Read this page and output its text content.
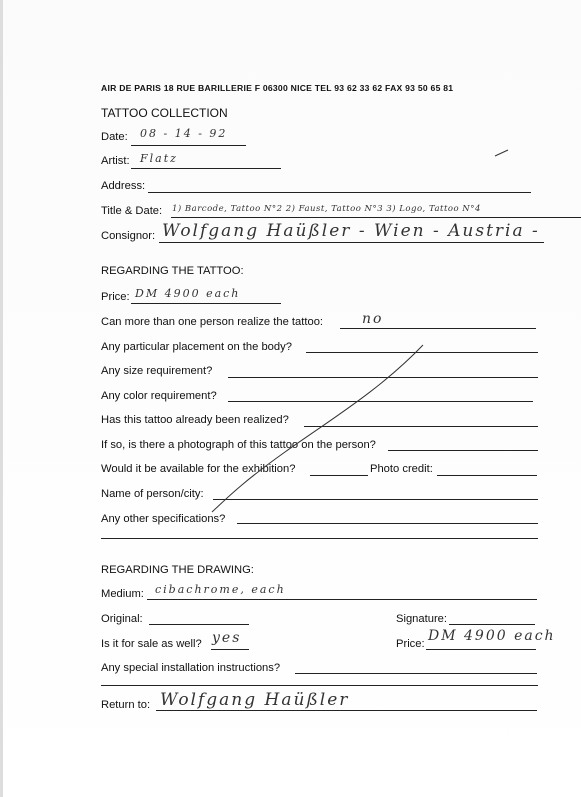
AIR DE PARIS 18 RUE BARILLERIE F 06300 NICE TEL 93 62 33 62 FAX 93 50 65 81
TATTOO COLLECTION
Date: 08 - 14 - 92
Artist: Flatz
Address:
Title & Date: 1) Barcode, Tattoo N°2 2) Faust, Tattoo N°3 3) Logo, Tattoo N°4
Consignor: Wolfgang Haüßler - Wien - Austria -
REGARDING THE TATTOO:
Price: DM 4900 each
Can more than one person realize the tattoo:	no
Any particular placement on the body?
Any size requirement?
Any color requirement?
Has this tattoo already been realized?
If so, is there a photograph of this tattoo on the person?
Would it be available for the exhibition?	Photo credit:
Name of person/city:
Any other specifications?
REGARDING THE DRAWING:
Medium: cibachrome, each
Original:	Signature:
Is it for sale as well? yes	Price: DM 4900 each
Any special installation instructions?
Return to: Wolfgang Haüßler
